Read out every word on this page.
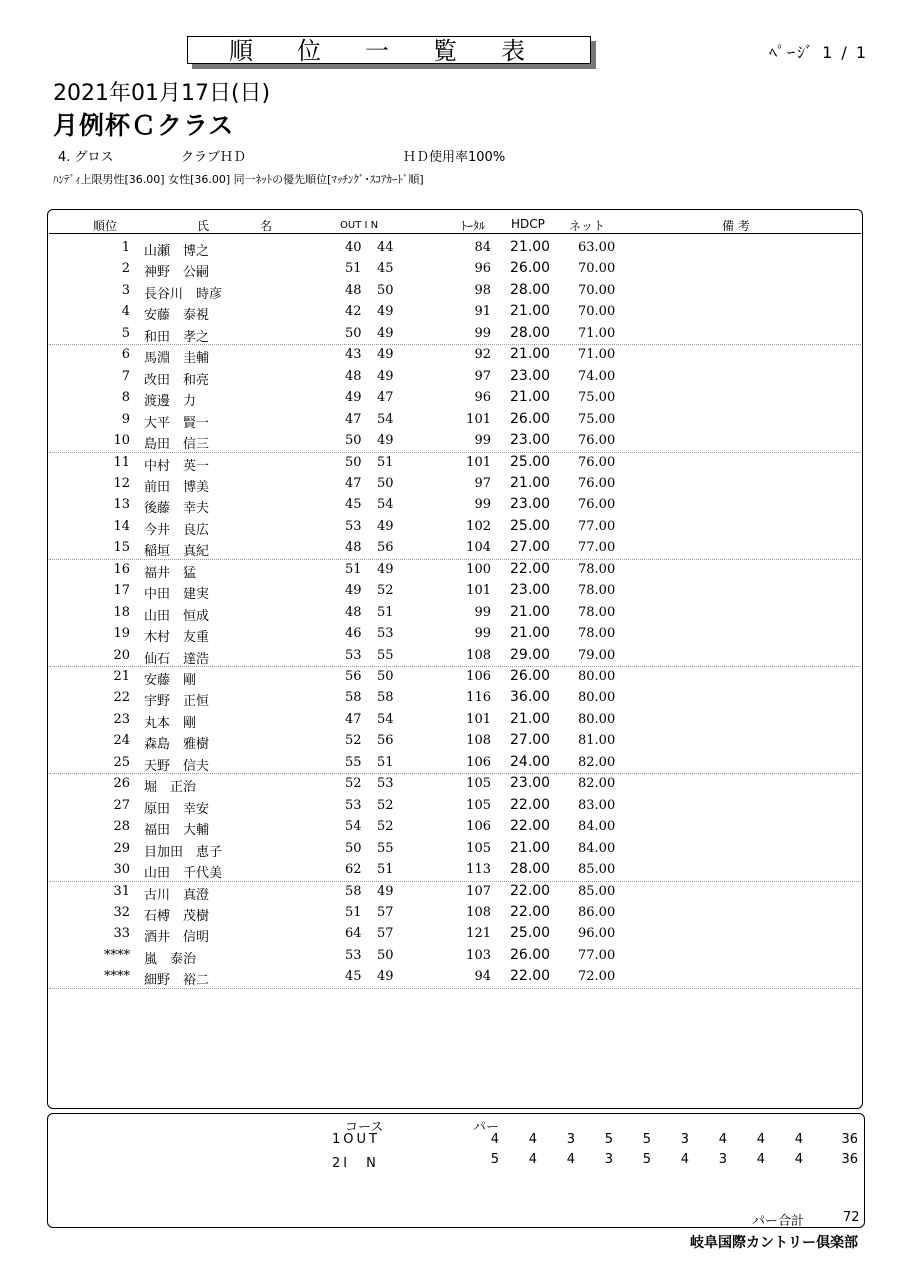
順位一覧表	ﾍﾟｰｼﾞ 1 / 1
2021年01月17日(日)
月例杯Ｃクラス
4. グロス	クラブＨＤ	ＨＤ使用率100%
ﾊﾝﾃﾞｨ上限男性[36.00] 女性[36.00] 同一ﾈｯﾄの優先順位[ﾏｯﾁﾝｸﾞ･ｽｺｱｶｰﾄﾞ順]
順位	氏	名	OUT I N	ﾄｰﾀﾙ HDCP ネット	備 考
1 山瀬　博之	40 44	84 21.00 63.00
2 神野　公嗣	51 45	96 26.00 70.00
3 長谷川　時彦	48 50	98 28.00 70.00
4 安藤　泰視	42 49	91 21.00 70.00
5 和田　孝之	50 49	99 28.00 71.00
6 馬淵　圭輔	43 49	92 21.00 71.00
7 改田　和亮	48 49	97 23.00 74.00
8 渡邊　力	49 47	96 21.00 75.00
9 大平　賢一	47 54	101 26.00 75.00
10 島田　信三	50 49	99 23.00 76.00
11 中村　英一	50 51	101 25.00 76.00
12 前田　博美	47 50	97 21.00 76.00
13 後藤　幸夫	45 54	99 23.00 76.00
14 今井　良広	53 49	102 25.00 77.00
15 稲垣　真紀	48 56	104 27.00 77.00
16 福井　猛	51 49	100 22.00 78.00
17 中田　建実	49 52	101 23.00 78.00
18 山田　恒成	48 51	99 21.00 78.00
19 木村　友重	46 53	99 21.00 78.00
20 仙石　達浩	53 55	108 29.00 79.00
21 安藤　剛	56 50	106 26.00 80.00
22 宇野　正恒	58 58	116 36.00 80.00
23 丸本　剛	47 54	101 21.00 80.00
24 森島　雅樹	52 56	108 27.00 81.00
25 天野　信夫	55 51	106 24.00 82.00
26 堀　正治	52 53	105 23.00 82.00
27 原田　幸安	53 52	105 22.00 83.00
28 福田　大輔	54 52	106 22.00 84.00
29 目加田　恵子	50 55	105 21.00 84.00
30 山田　千代美	62 51	113 28.00 85.00
31 古川　真澄	58 49	107 22.00 85.00
32 石榑　茂樹	51 57	108 22.00 86.00
33 酒井　信明	64 57	121 25.00 96.00
**** 嵐　泰治	53 50	103 26.00 77.00
**** 細野　裕二	45 49	94 22.00 72.00
コース	パー
1OUT	4	4	3	5	5	3	4	4	4	36
2I　N	5	4	4	3	5	4	3	4	4	36
パー合計	72
岐阜国際カントリー倶楽部
